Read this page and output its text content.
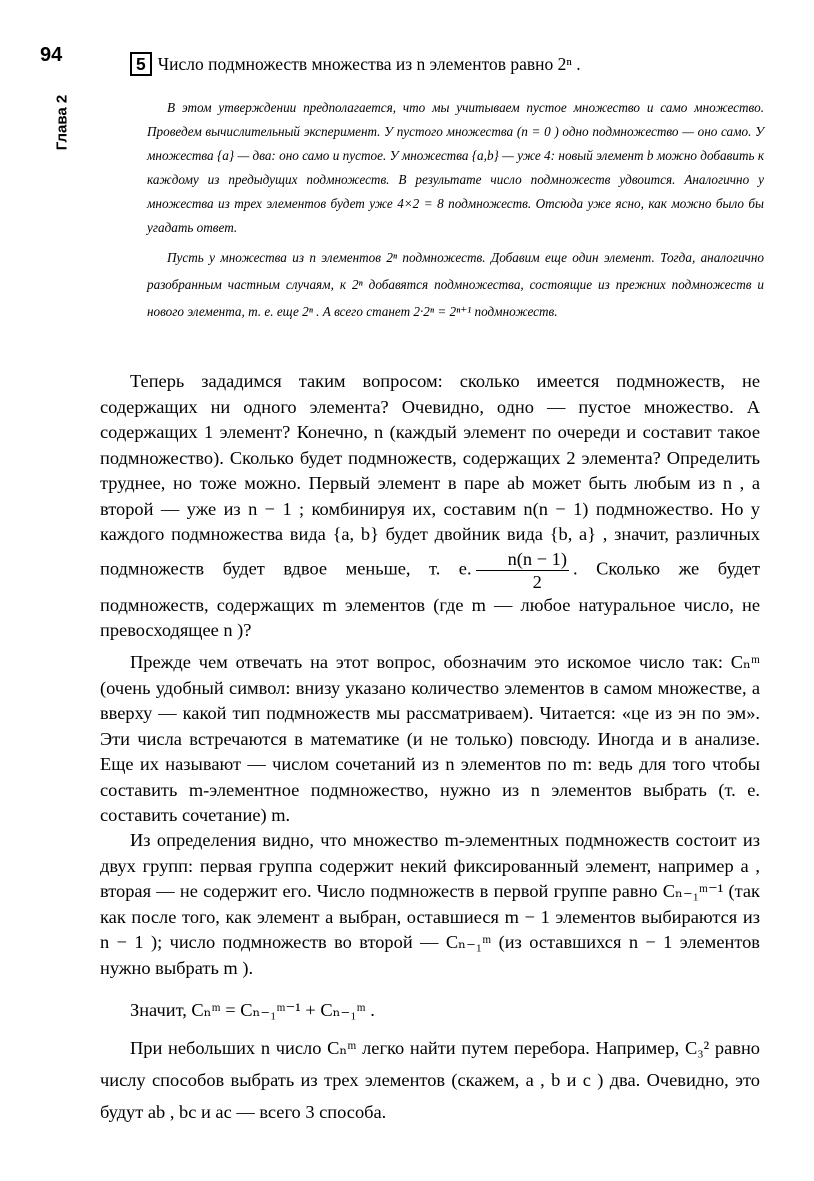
94
Глава 2
5 Число подмножеств множества из n элементов равно 2ⁿ .

В этом утверждении предполагается, что мы учитываем пустое множество и само множество. Проведем вычислительный эксперимент. У пустого множества (n = 0 ) одно подмножество — оно само. У множества {a} — два: оно само и пустое. У множества {a,b} — уже 4: новый элемент b можно добавить к каждому из предыдущих подмножеств. В результате число подмножеств удвоится. Аналогично у множества из трех элементов будет уже 4×2 = 8 подмножеств. Отсюда уже ясно, как можно было бы угадать ответ.

Пусть у множества из n элементов 2ⁿ подмножеств. Добавим еще один элемент. Тогда, аналогично разобранным частным случаям, к 2ⁿ добавятся подмножества, состоящие из прежних подмножеств и нового элемента, т. е. еще 2ⁿ . А всего станет 2·2ⁿ = 2ⁿ⁺¹ подмножеств.

Теперь зададимся таким вопросом: сколько имеется подмножеств, не содержащих ни одного элемента? Очевидно, одно — пустое множество. А содержащих 1 элемент? Конечно, n (каждый элемент по очереди и составит такое подмножество). Сколько будет подмножеств, содержащих 2 элемента? Определить труднее, но тоже можно. Первый элемент в паре ab может быть любым из n , а второй — уже из n − 1 ; комбинируя их, составим n(n − 1) подмножество. Но у каждого подмножества вида {a, b} будет двойник вида {b, a} , значит, различных подмножеств будет вдвое меньше, т. е. $\frac{n(n - 1)}{2}$ . Сколько же будет подмножеств, содержащих m элементов (где m — любое натуральное число, не превосходящее n )?

Прежде чем отвечать на этот вопрос, обозначим это искомое число так: Cₙᵐ (очень удобный символ: внизу указано количество элементов в самом множестве, а вверху — какой тип подмножеств мы рассматриваем). Читается: «це из эн по эм». Эти числа встречаются в математике (и не только) повсюду. Иногда и в анализе. Еще их называют — числом сочетаний из n элементов по m: ведь для того чтобы составить m-элементное подмножество, нужно из n элементов выбрать (т. е. составить сочетание) m.

Из определения видно, что множество m-элементных подмножеств состоит из двух групп: первая группа содержит некий фиксированный элемент, например a , вторая — не содержит его. Число подмножеств в первой группе равно Cₙ₋₁ᵐ⁻¹ (так как после того, как элемент a выбран, оставшиеся m − 1 элементов выбираются из n − 1 ); число подмножеств во второй — Cₙ₋₁ᵐ (из оставшихся n − 1 элементов нужно выбрать m ).

Значит, Cₙᵐ = Cₙ₋₁ᵐ⁻¹ + Cₙ₋₁ᵐ .

При небольших n число Cₙᵐ легко найти путем перебора. Например, C₃² равно числу способов выбрать из трех элементов (скажем, a , b и c ) два. Очевидно, это будут ab , bc и ac — всего 3 способа.
